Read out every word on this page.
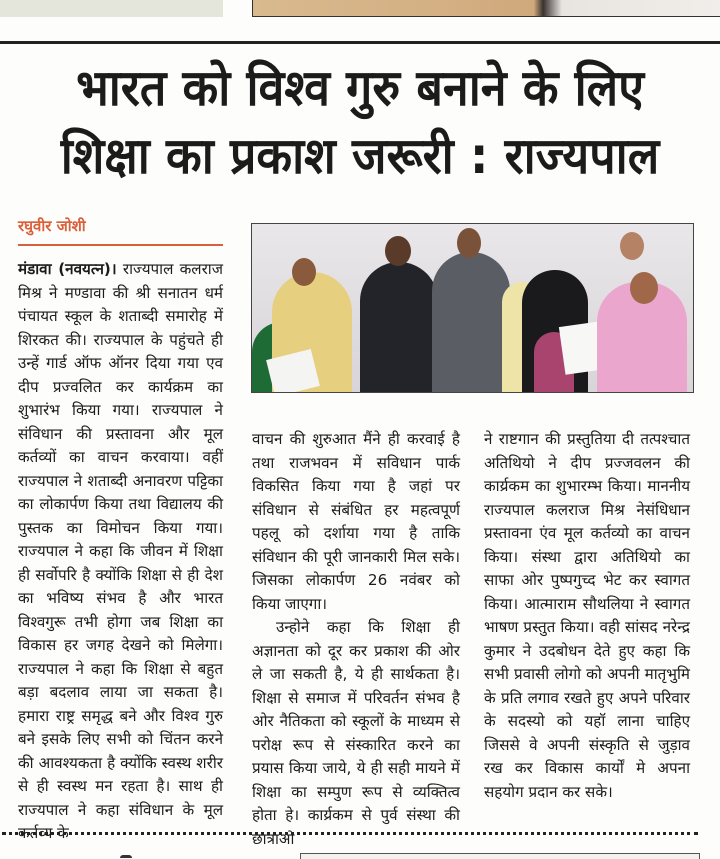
भारत को विश्व गुरु बनाने के लिए
शिक्षा का प्रकाश जरूरी : राज्यपाल
रघुवीर जोशी

मंडावा (नवयत्न)। राज्यपाल कलराज मिश्र ने मण्डावा की श्री सनातन धर्म पंचायत स्कूल के शताब्दी समारोह में शिरकत की। राज्यपाल के पहुंचते ही उन्हें गार्ड ऑफ ऑनर दिया गया एव दीप प्रज्वलित कर कार्यक्रम का शुभारंभ किया गया। राज्यपाल ने संविधान की प्रस्तावना और मूल कर्तव्यों का वाचन करवाया। वहीं राज्यपाल ने शताब्दी अनावरण पट्टिका का लोकार्पण किया तथा विद्यालय की पुस्तक का विमोचन किया गया। राज्यपाल ने कहा कि जीवन में शिक्षा ही सर्वोपरि है क्योंकि शिक्षा से ही देश का भविष्य संभव है और भारत विश्वगुरू तभी होगा जब शिक्षा का विकास हर जगह देखने को मिलेगा। राज्यपाल ने कहा कि शिक्षा से बहुत बड़ा बदलाव लाया जा सकता है। हमारा राष्ट्र समृद्ध बने और विश्व गुरु बने इसके लिए सभी को चिंतन करने की आवश्यकता है क्योंकि स्वस्थ शरीर से ही स्वस्थ मन रहता है। साथ ही राज्यपाल ने कहा संविधान के मूल कर्तव्य के

वाचन की शुरुआत मैंने ही करवाई है तथा राजभवन में सविधान पार्क विकसित किया गया है जहां पर संविधान से संबंधित हर महत्वपूर्ण पहलू को दर्शाया गया है ताकि संविधान की पूरी जानकारी मिल सके। जिसका लोकार्पण 26 नवंबर को किया जाएगा।

उन्होने कहा कि शिक्षा ही अज्ञानता को दूर कर प्रकाश की ओर ले जा सकती है, ये ही सार्थकता है। शिक्षा से समाज में परिवर्तन संभव है ओर नैतिकता को स्कूलों के माध्यम से परोक्ष रूप से संस्कारित करने का प्रयास किया जाये, ये ही सही मायने में शिक्षा का सम्पुण रूप से व्यक्तित्व होता हे। कार्य्रकम से पुर्व संस्था की छात्राओ

ने राष्टगान की प्रस्तुतिया दी तत्पश्चात अतिथियो ने दीप प्रज्जवलन की कार्य्रकम का शुभारम्भ किया। माननीय राज्यपाल कलराज मिश्र नेसंधिधान प्रस्तावना एंव मूल कर्तव्यो का वाचन किया। संस्था द्वारा अतिथियो का साफा ओर पुष्पगुच्द भेट कर स्वागत किया। आत्माराम सौथलिया ने स्वागत भाषण प्रस्तुत किया। वही सांसद नरेन्द्र कुमार ने उदबोधन देते हुए कहा कि सभी प्रवासी लोगो को अपनी मातृभुमि के प्रति लगाव रखते हुए अपने परिवार के सदस्यो को यहॉ लाना चाहिए जिससे वे अपनी संस्कृति से जुड़ाव रख कर विकास कार्यों मे अपना सहयोग प्रदान कर सके।
